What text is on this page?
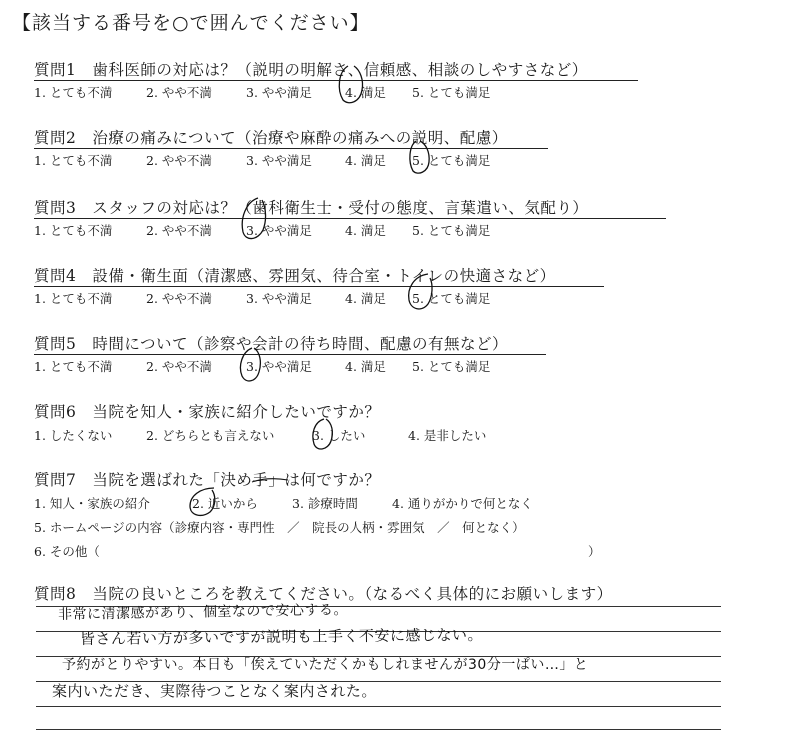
【該当する番号を○で囲んでください】
質問1　歯科医師の対応は？（説明の明解さ、信頼感、相談のしやすさなど）
1. とても不満	2. やや不満	3. やや満足	4. 満足 5. とても満足
質問2　治療の痛みについて（治療や麻酔の痛みへの説明、配慮）
1. とても不満	2. やや不満	3. やや満足	4. 満足 5. とても満足
質問3　スタッフの対応は？（歯科衛生士・受付の態度、言葉遣い、気配り）
1. とても不満	2. やや不満	3. やや満足	4. 満足 5. とても満足
質問4　設備・衛生面（清潔感、雰囲気、待合室・トイレの快適さなど）
1. とても不満	2. やや不満	3. やや満足	4. 満足 5. とても満足
質問5　時間について（診察や会計の待ち時間、配慮の有無など）
1. とても不満	2. やや不満	3. やや満足	4. 満足 5. とても満足
質問6　当院を知人・家族に紹介したいですか？
1. したくない	2. どちらとも言えない	3. したい	4. 是非したい
質問7　当院を選ばれた「決め手」は何ですか？
1. 知人・家族の紹介	2. 近いから	3. 診療時間	4. 通りがかりで何となく
5. ホームページの内容（診療内容・専門性　／　院長の人柄・雰囲気　／　何となく）
6. その他（	）
質問8　当院の良いところを教えてください。（なるべく具体的にお願いします）
非常に清潔感があり、個室なので安心する。
皆さん若い方が多いですが説明も上手く不安に感じない。
予約がとりやすい。本日も「俟えていただくかもしれませんが30分一ぱい…」と
案内いただき、実際待つことなく案内された。
